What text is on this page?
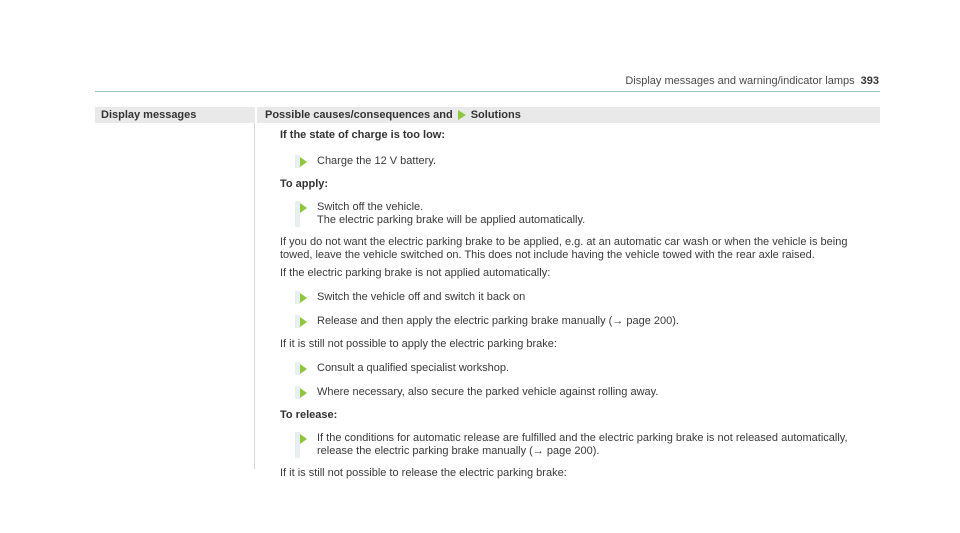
Display messages and warning/indicator lamps 393
Display messages	Possible causes/consequences and Solutions

If the state of charge is too low:

Charge the 12 V battery.

To apply:

Switch off the vehicle.
The electric parking brake will be applied automatically.

If you do not want the electric parking brake to be applied, e.g. at an automatic car wash or when the vehicle is being towed, leave the vehicle switched on. This does not include having the vehicle towed with the rear axle raised.

If the electric parking brake is not applied automatically:

Switch the vehicle off and switch it back on
Release and then apply the electric parking brake manually (→ page 200).

If it is still not possible to apply the electric parking brake:

Consult a qualified specialist workshop.
Where necessary, also secure the parked vehicle against rolling away.

To release:

If the conditions for automatic release are fulfilled and the electric parking brake is not released automatically,
release the electric parking brake manually (→ page 200).

If it is still not possible to release the electric parking brake:
